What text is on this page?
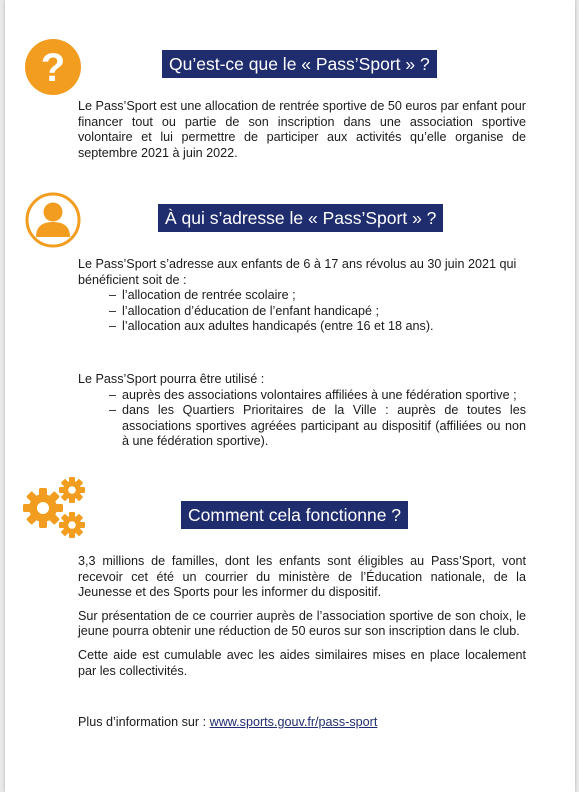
?	Qu’est-ce que le « Pass’Sport » ?

Le Pass’Sport est une allocation de rentrée sportive de 50 euros par enfant pour financer tout ou partie de son inscription dans une association sportive volontaire et lui permettre de participer aux activités qu’elle organise de septembre 2021 à juin 2022.

À qui s’adresse le « Pass’Sport » ?

Le Pass’Sport s’adresse aux enfants de 6 à 17 ans révolus au 30 juin 2021 qui bénéficient soit de :

– l’allocation de rentrée scolaire ;
– l’allocation d’éducation de l’enfant handicapé ;
– l’allocation aux adultes handicapés (entre 16 et 18 ans).

Le Pass’Sport pourra être utilisé :

– auprès des associations volontaires affiliées à une fédération sportive ;
– dans les Quartiers Prioritaires de la Ville : auprès de toutes les associations sportives agréées participant au dispositif (affiliées ou non à une fédération sportive).
Comment cela fonctionne ?

3,3 millions de familles, dont les enfants sont éligibles au Pass’Sport, vont recevoir cet été un courrier du ministère de l’Éducation nationale, de la Jeunesse et des Sports pour les informer du dispositif.

Sur présentation de ce courrier auprès de l’association sportive de son choix, le jeune pourra obtenir une réduction de 50 euros sur son inscription dans le club.

Cette aide est cumulable avec les aides similaires mises en place localement par les collectivités.

Plus d’information sur : www.sports.gouv.fr/pass-sport
